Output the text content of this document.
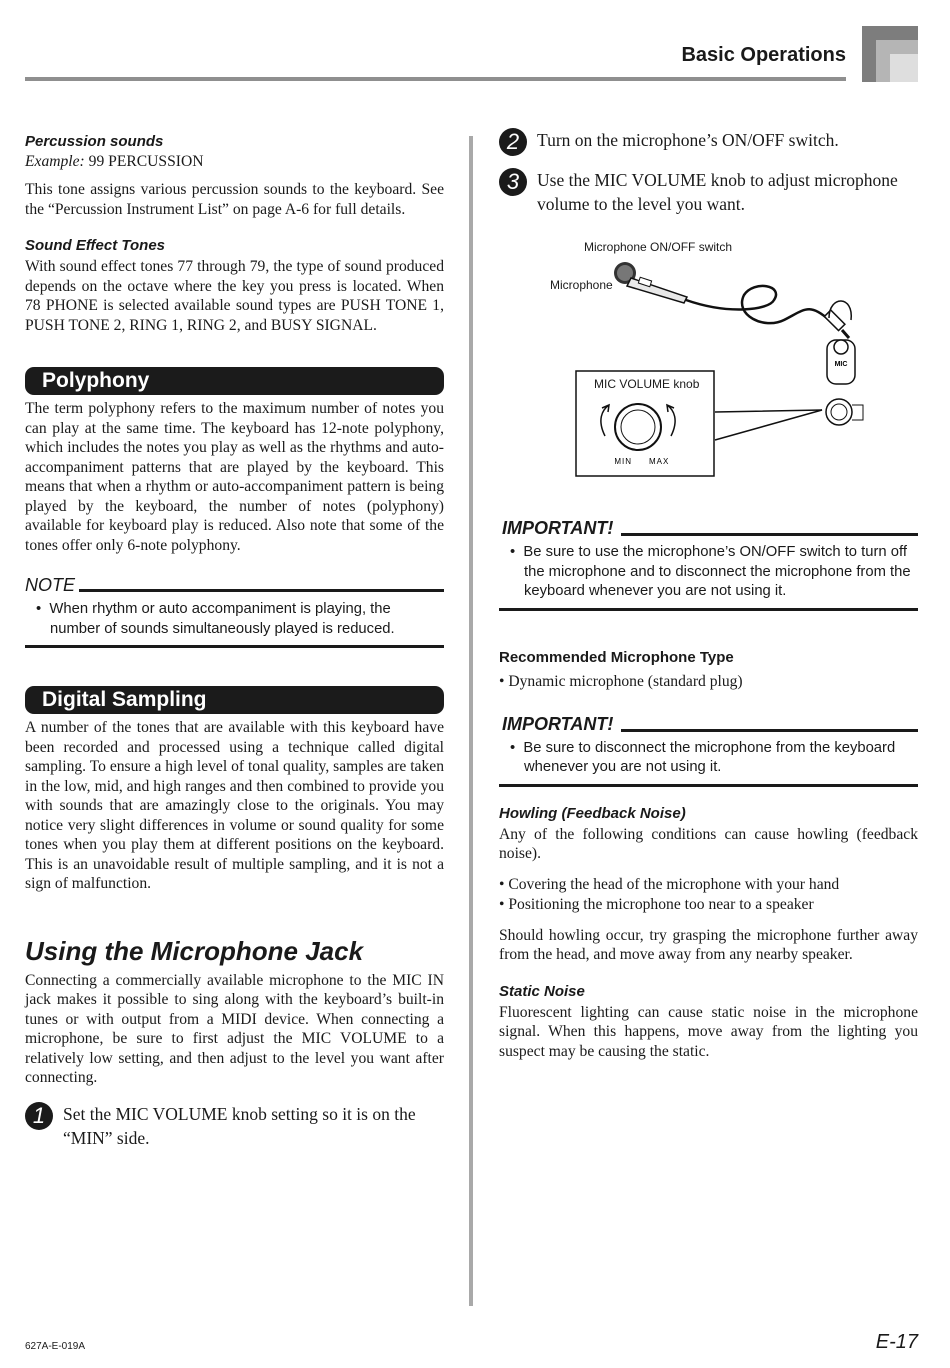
Basic Operations
Percussion sounds
Example: 99 PERCUSSION

This tone assigns various percussion sounds to the keyboard. See the “Percussion Instrument List” on page A-6 for full details.

Sound Effect Tones

With sound effect tones 77 through 79, the type of sound produced depends on the octave where the key you press is located. When 78 PHONE is selected available sound types are PUSH TONE 1, PUSH TONE 2, RING 1, RING 2, and BUSY SIGNAL.

Polyphony

The term polyphony refers to the maximum number of notes you can play at the same time. The keyboard has 12-note polyphony, which includes the notes you play as well as the rhythms and auto-accompaniment patterns that are played by the keyboard. This means that when a rhythm or auto-accompaniment pattern is being played by the keyboard, the number of notes (polyphony) available for keyboard play is reduced. Also note that some of the tones offer only 6-note polyphony.

NOTE
• When rhythm or auto accompaniment is playing, the number of sounds simultaneously played is reduced.
Digital Sampling

A number of the tones that are available with this keyboard have been recorded and processed using a technique called digital sampling. To ensure a high level of tonal quality, samples are taken in the low, mid, and high ranges and then combined to provide you with sounds that are amazingly close to the originals. You may notice very slight differences in volume or sound quality for some tones when you play them at different positions on the keyboard. This is an unavoidable result of multiple sampling, and it is not a sign of malfunction.

Using the Microphone Jack

Connecting a commercially available microphone to the MIC IN jack makes it possible to sing along with the keyboard’s built-in tunes or with output from a MIDI device. When connecting a microphone, be sure to first adjust the MIC VOLUME to a relatively low setting, and then adjust to the level you want after connecting.

1	Set the MIC VOLUME knob setting so it is on the “MIN” side.
2	Turn on the microphone’s ON/OFF switch.
3	Use the MIC VOLUME knob to adjust microphone volume to the level you want.
MIC
MIN MAX
Microphone ON/OFF switch
Microphone
MIC VOLUME knob
IMPORTANT!
• Be sure to use the microphone’s ON/OFF switch to turn off the microphone and to disconnect the microphone from the keyboard whenever you are not using it.
Recommended Microphone Type

• Dynamic microphone (standard plug)

IMPORTANT!
• Be sure to disconnect the microphone from the keyboard whenever you are not using it.
Howling (Feedback Noise)

Any of the following conditions can cause howling (feedback noise).

• Covering the head of the microphone with your hand

• Positioning the microphone too near to a speaker

Should howling occur, try grasping the microphone further away from the head, and move away from any nearby speaker.

Static Noise

Fluorescent lighting can cause static noise in the microphone signal. When this happens, move away from the lighting you suspect may be causing the static.

627A-E-019A	E-17
